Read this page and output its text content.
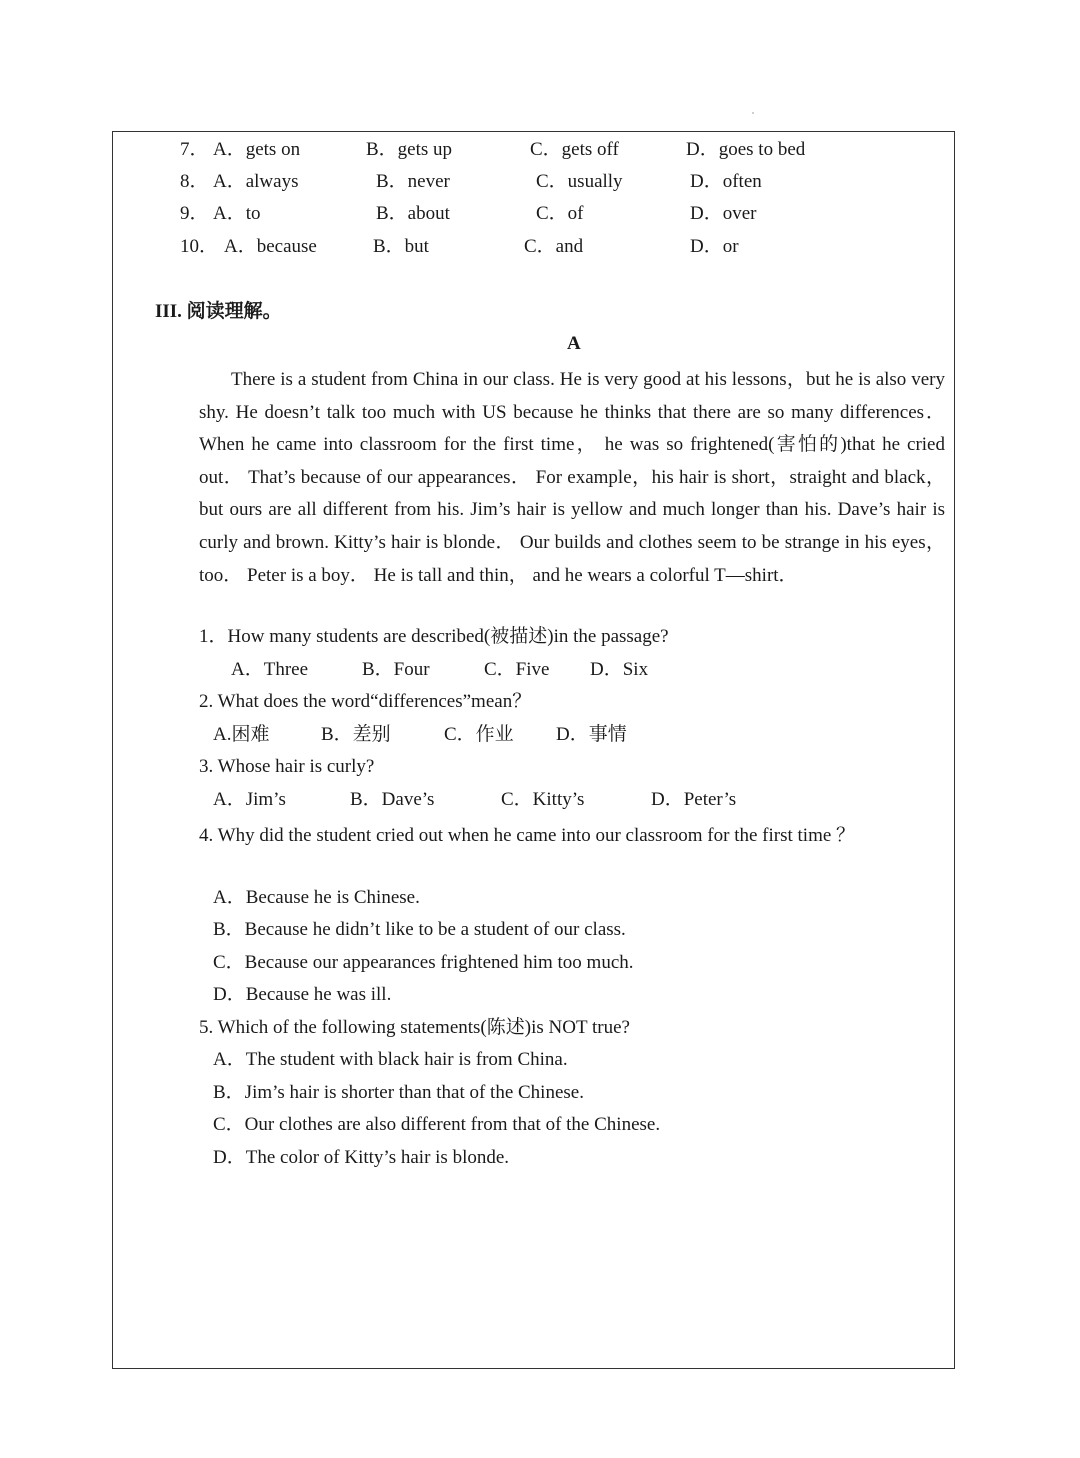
7． A．gets on	B．gets up	C．gets off	D．goes to bed
8． A．always	B．never	C．usually	D．often
9． A．to	B．about	C．of	D．over
10． A．because	B．but	C．and	D．or
III. 阅读理解。
A
There is a student from China in our class. He is very good at his lessons，but he is also very shy. He doesn’t talk too much with US because he thinks that there are so many differences． When he came into classroom for the first time， he was so frightened(害怕的)that he cried out． That’s because of our appearances． For example，his hair is short，straight and black，but ours are all different from his. Jim’s hair is yellow and much longer than his. Dave’s hair is curly and brown. Kitty’s hair is blonde． Our builds and clothes seem to be strange in his eyes， too． Peter is a boy． He is tall and thin， and he wears a colorful T—shirt．
1．How many students are described(被描述)in the passage?
A．Three	B．Four	C．Five D．Six
2. What does the word“differences”mean？
A.困难	B．差别	C．作业 D．事情
3. Whose hair is curly?
A．Jim’s	B．Dave’s	C．Kitty’s	D．Peter’s
4. Why did the student cried out when he came into our classroom for the first time ？
A．Because he is Chinese.
B．Because he didn’t like to be a student of our class.
C．Because our appearances frightened him too much.
D．Because he was ill.
5. Which of the following statements(陈述)is NOT true?
A．The student with black hair is from China.
B．Jim’s hair is shorter than that of the Chinese.
C．Our clothes are also different from that of the Chinese.
D．The color of Kitty’s hair is blonde.
